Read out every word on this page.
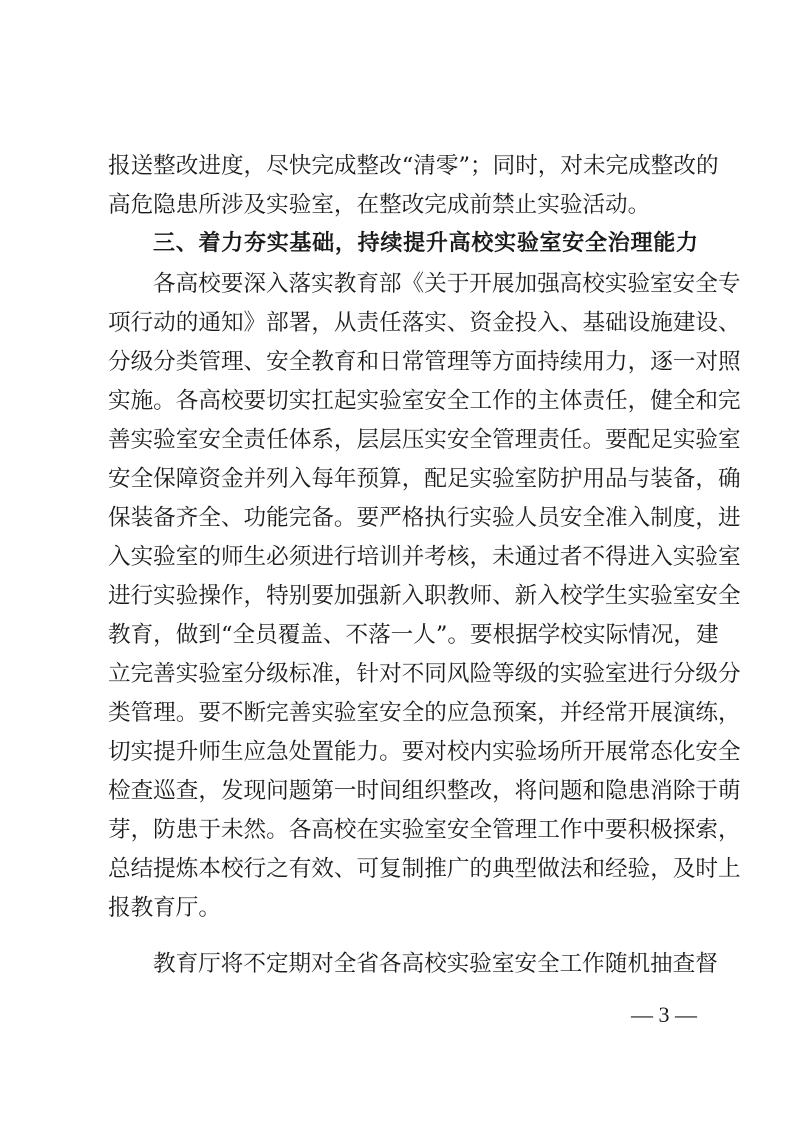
报送整改进度，尽快完成整改“清零”；同时，对未完成整改的
高危隐患所涉及实验室，在整改完成前禁止实验活动。
三、着力夯实基础，持续提升高校实验室安全治理能力
各高校要深入落实教育部《关于开展加强高校实验室安全专
项行动的通知》部署，从责任落实、资金投入、基础设施建设、
分级分类管理、安全教育和日常管理等方面持续用力，逐一对照
实施。各高校要切实扛起实验室安全工作的主体责任，健全和完
善实验室安全责任体系，层层压实安全管理责任。要配足实验室
安全保障资金并列入每年预算，配足实验室防护用品与装备，确
保装备齐全、功能完备。要严格执行实验人员安全准入制度，进
入实验室的师生必须进行培训并考核，未通过者不得进入实验室
进行实验操作，特别要加强新入职教师、新入校学生实验室安全
教育，做到“全员覆盖、不落一人”。要根据学校实际情况，建
立完善实验室分级标准，针对不同风险等级的实验室进行分级分
类管理。要不断完善实验室安全的应急预案，并经常开展演练，
切实提升师生应急处置能力。要对校内实验场所开展常态化安全
检查巡查，发现问题第一时间组织整改，将问题和隐患消除于萌
芽，防患于未然。各高校在实验室安全管理工作中要积极探索，
总结提炼本校行之有效、可复制推广的典型做法和经验，及时上
报教育厅。
教育厅将不定期对全省各高校实验室安全工作随机抽查督
— 3 —
